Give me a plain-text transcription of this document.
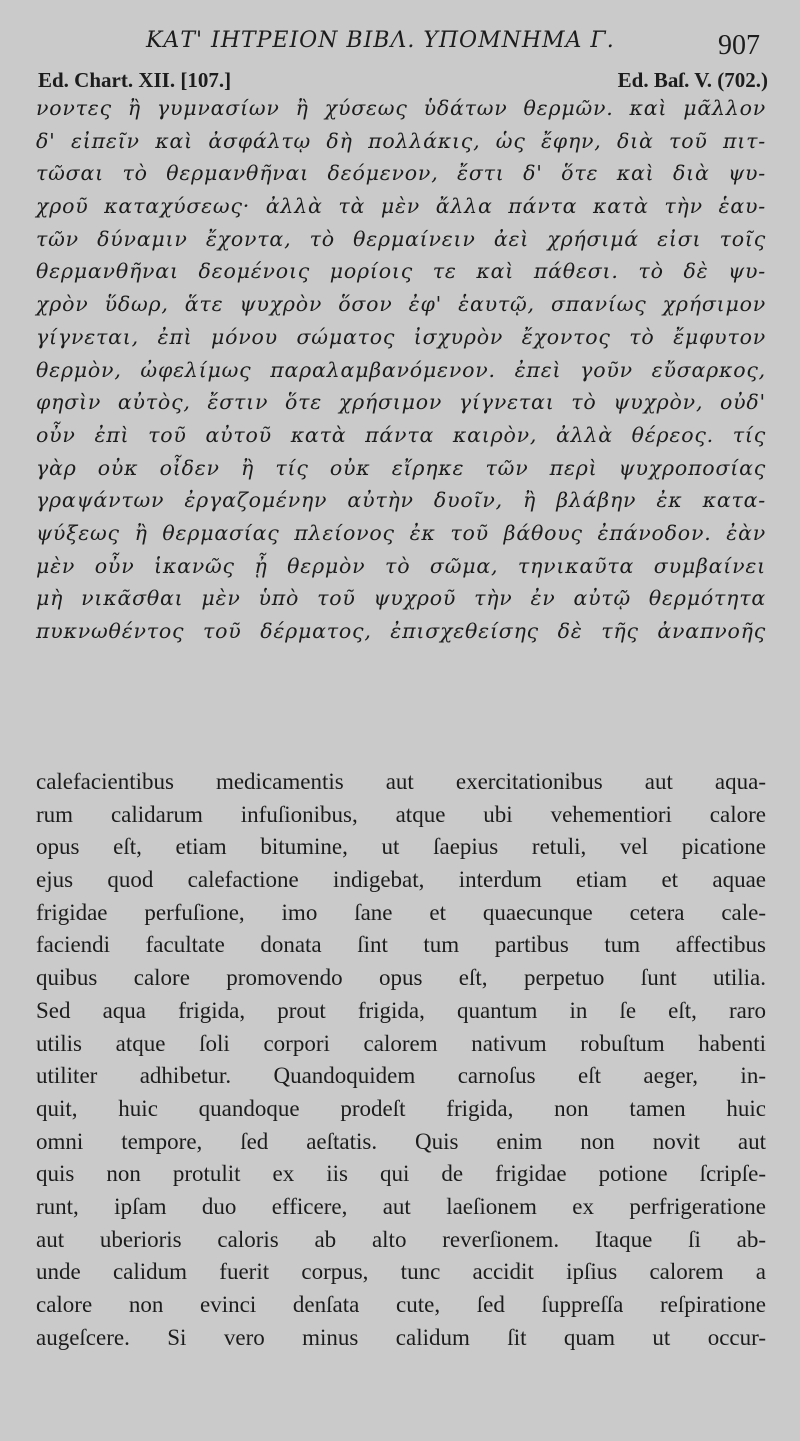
ΚΑΤ' ΙΗΤΡΕΙΟΝ ΒΙΒΛ. ΥΠΟΜΝΗΜΑ Γ.	907
Ed. Chart. XII. [107.]	Ed. Baſ. V. (702.)
νοντες ἢ γυμνασίων ἢ χύσεως ὑδάτων θερμῶν. καὶ μᾶλλον
δ' εἰπεῖν καὶ ἀσφάλτῳ δὴ πολλάκις, ὡς ἔφην, διὰ τοῦ πιτ-
τῶσαι τὸ θερμανθῆναι δεόμενον, ἔστι δ' ὅτε καὶ διὰ ψυ-
χροῦ καταχύσεως· ἀλλὰ τὰ μὲν ἄλλα πάντα κατὰ τὴν ἑαυ-
τῶν δύναμιν ἔχοντα, τὸ θερμαίνειν ἀεὶ χρήσιμά εἰσι τοῖς
θερμανθῆναι δεομένοις μορίοις τε καὶ πάθεσι. τὸ δὲ ψυ-
χρὸν ὕδωρ, ἅτε ψυχρὸν ὅσον ἐφ' ἑαυτῷ, σπανίως χρήσιμον
γίγνεται, ἐπὶ μόνου σώματος ἰσχυρὸν ἔχοντος τὸ ἔμφυτον
θερμὸν, ὠφελίμως παραλαμβανόμενον. ἐπεὶ γοῦν εὔσαρκος,
φησὶν αὐτὸς, ἔστιν ὅτε χρήσιμον γίγνεται τὸ ψυχρὸν, οὐδ'
οὖν ἐπὶ τοῦ αὐτοῦ κατὰ πάντα καιρὸν, ἀλλὰ θέρεος. τίς
γὰρ οὐκ οἶδεν ἢ τίς οὐκ εἴρηκε τῶν περὶ ψυχροποσίας
γραψάντων ἐργαζομένην αὐτὴν δυοῖν, ἢ βλάβην ἐκ κατα-
ψύξεως ἢ θερμασίας πλείονος ἐκ τοῦ βάθους ἐπάνοδον. ἐὰν
μὲν οὖν ἱκανῶς ᾖ θερμὸν τὸ σῶμα, τηνικαῦτα συμβαίνει
μὴ νικᾶσθαι μὲν ὑπὸ τοῦ ψυχροῦ τὴν ἐν αὐτῷ θερμότητα
πυκνωθέντος τοῦ δέρματος, ἐπισχεθείσης δὲ τῆς ἀναπνοῆς
calefacientibus medicamentis aut exercitationibus aut aqua-
rum calidarum infuſionibus, atque ubi vehementiori calore
opus eſt, etiam bitumine, ut ſaepius retuli, vel picatione
ejus quod calefactione indigebat, interdum etiam et aquae
frigidae perfuſione, imo ſane et quaecunque cetera cale-
faciendi facultate donata ſint tum partibus tum affectibus
quibus calore promovendo opus eſt, perpetuo ſunt utilia.
Sed aqua frigida, prout frigida, quantum in ſe eſt, raro
utilis atque ſoli corpori calorem nativum robuſtum habenti
utiliter adhibetur. Quandoquidem carnoſus eſt aeger, in-
quit, huic quandoque prodeſt frigida, non tamen huic
omni tempore, ſed aeſtatis. Quis enim non novit aut
quis non protulit ex iis qui de frigidae potione ſcripſe-
runt, ipſam duo efficere, aut laeſionem ex perfrigeratione
aut uberioris caloris ab alto reverſionem. Itaque ſi ab-
unde calidum fuerit corpus, tunc accidit ipſius calorem a
calore non evinci denſata cute, ſed ſuppreſſa reſpiratione
augeſcere. Si vero minus calidum ſit quam ut occur-
